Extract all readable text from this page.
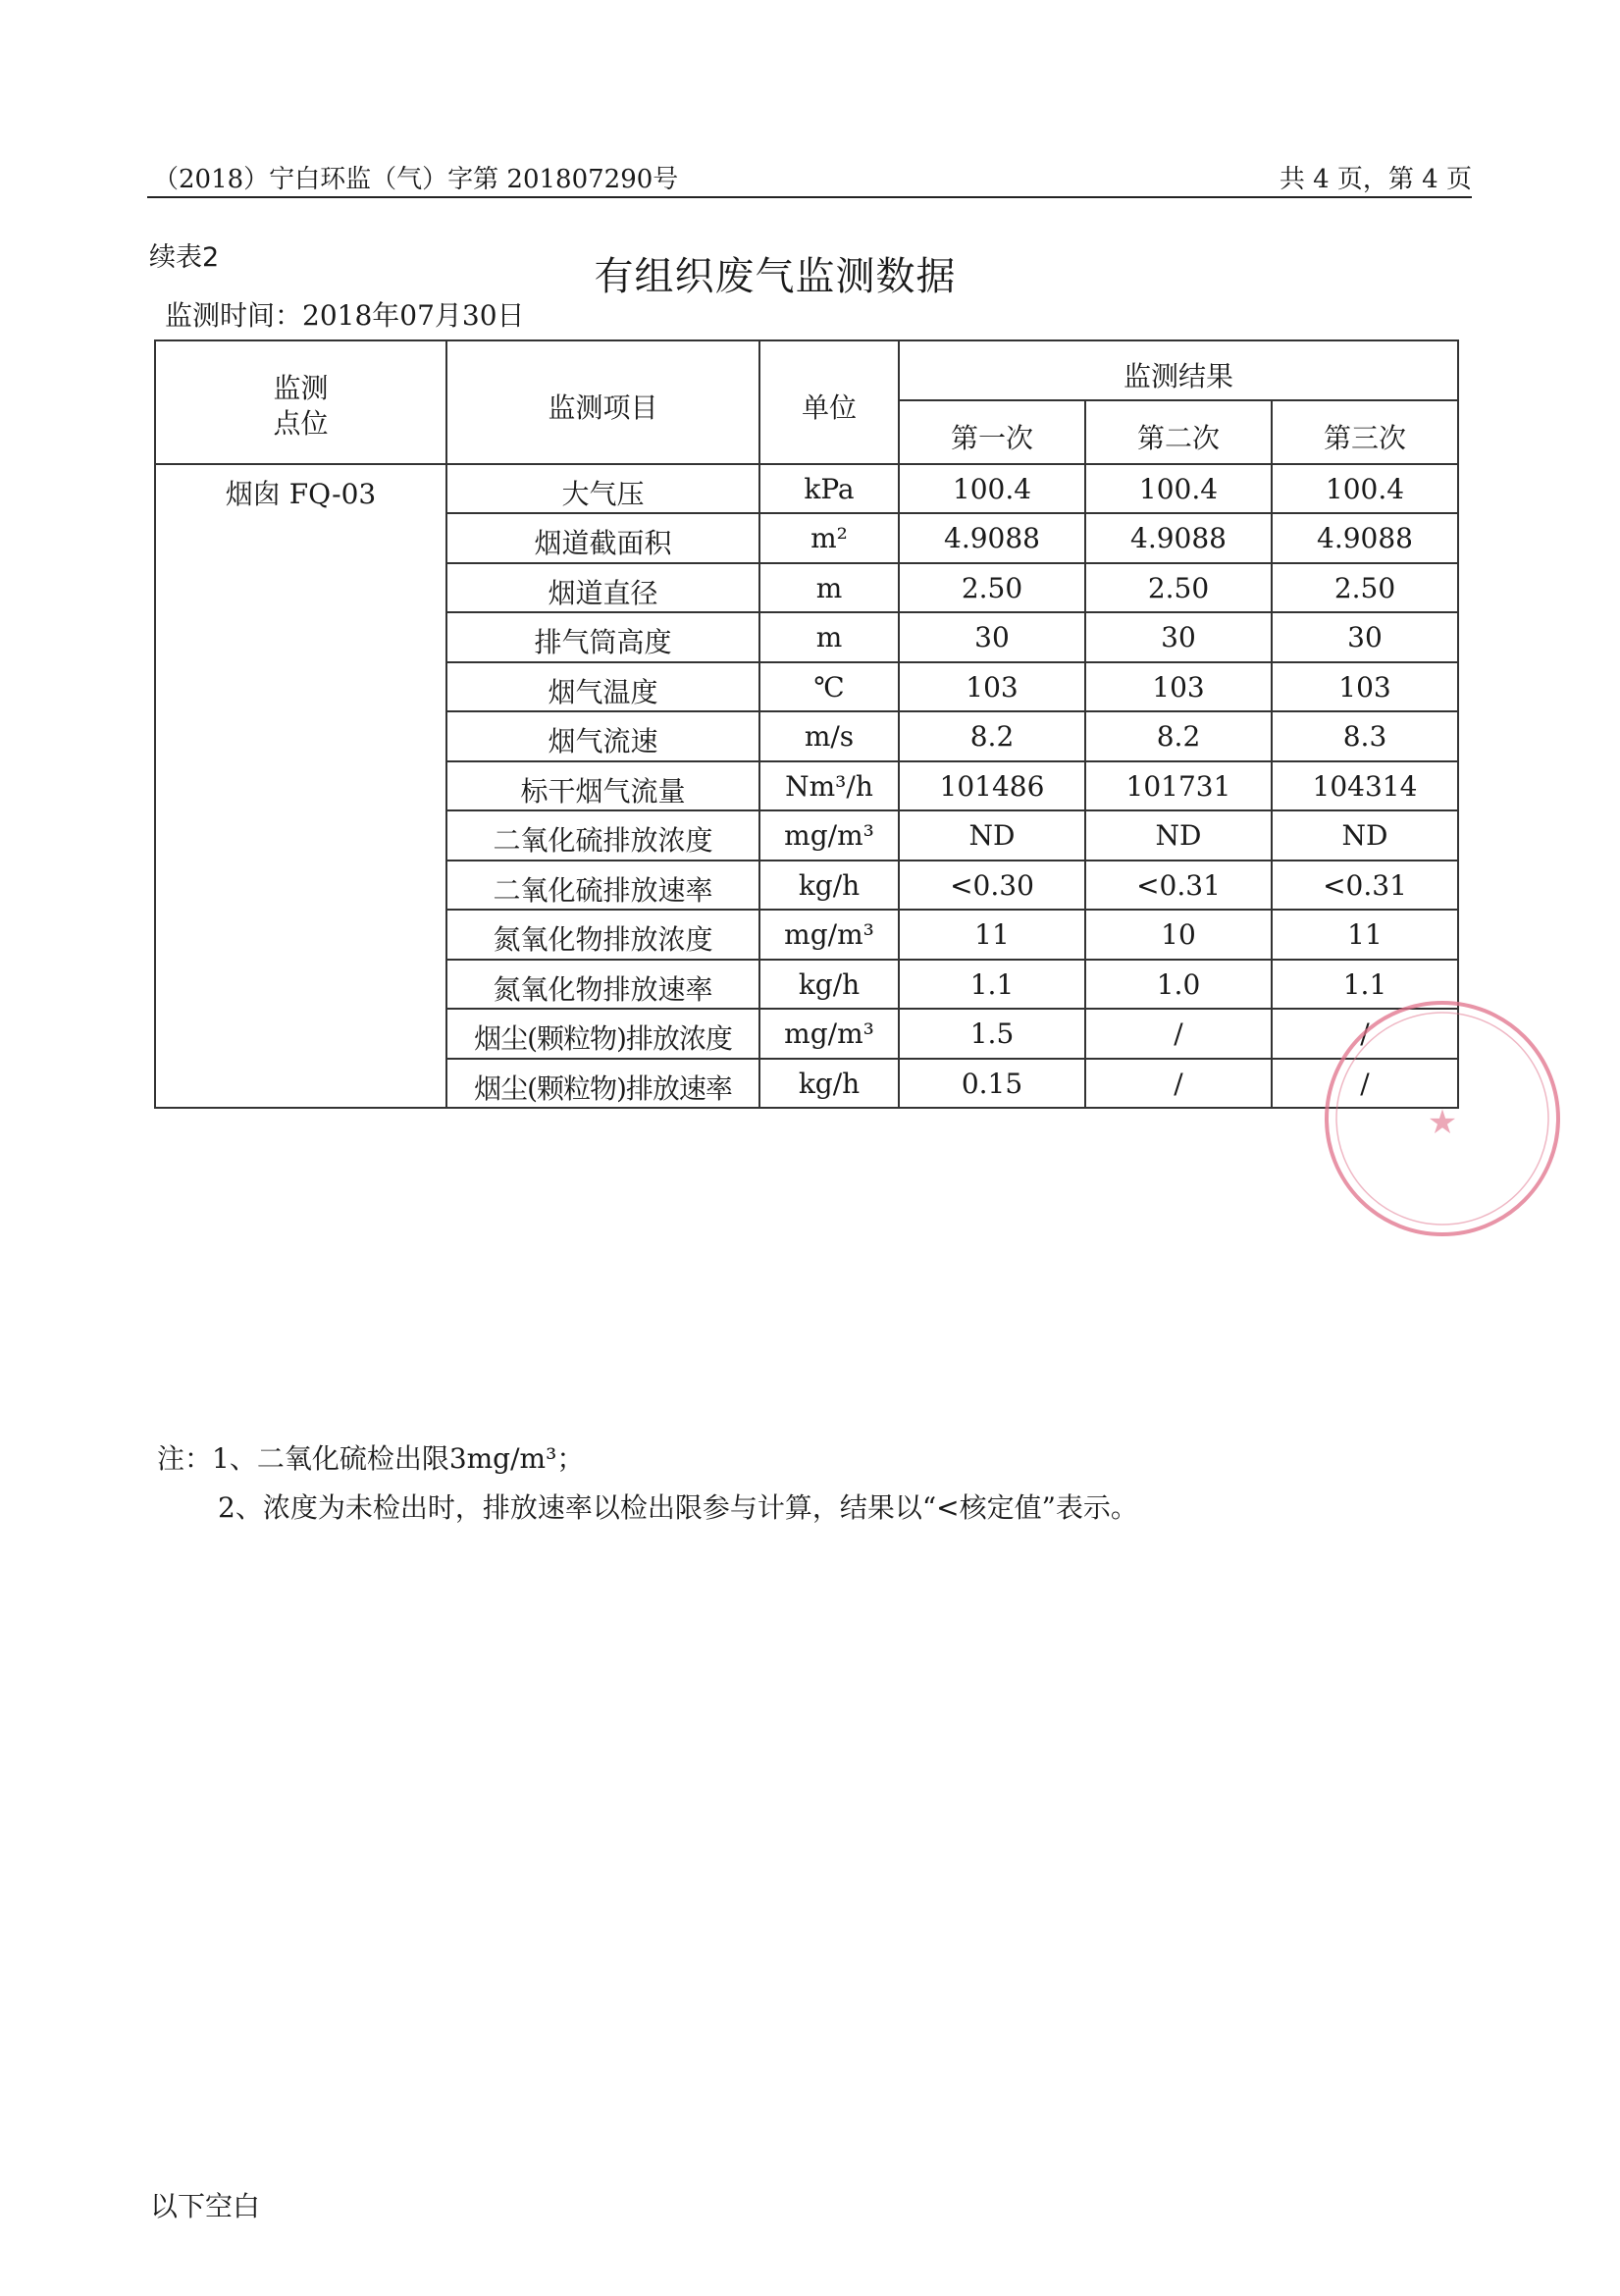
（2018）宁白环监（气）字第 201807290号	共 4 页，第 4 页
续表2	有组织废气监测数据
监测时间：2018年07月30日
监测
点位	监测项目	单位	监测结果		

			第一次	第二次	第三次

烟囱 FQ-03	大气压	kPa	100.4	100.4	100.4

	烟道截面积	m²	4.9088	4.9088	4.9088

	烟道直径	m	2.50	2.50	2.50

	排气筒高度	m	30	30	30

	烟气温度	℃	103	103	103

	烟气流速	m/s	8.2	8.2	8.3

	标干烟气流量	Nm³/h	101486	101731	104314

	二氧化硫排放浓度	mg/m³	ND	ND	ND

	二氧化硫排放速率	kg/h	<0.30	<0.31	<0.31

	氮氧化物排放浓度	mg/m³	11	10	11

	氮氧化物排放速率	kg/h	1.1	1.0	1.1

	烟尘(颗粒物)排放浓度	mg/m³	1.5	/	/

	烟尘(颗粒物)排放速率	kg/h	0.15	/	/
注：1、二氧化硫检出限3mg/m³；
2、浓度为未检出时，排放速率以检出限参与计算，结果以“<核定值”表示。
以下空白
★
